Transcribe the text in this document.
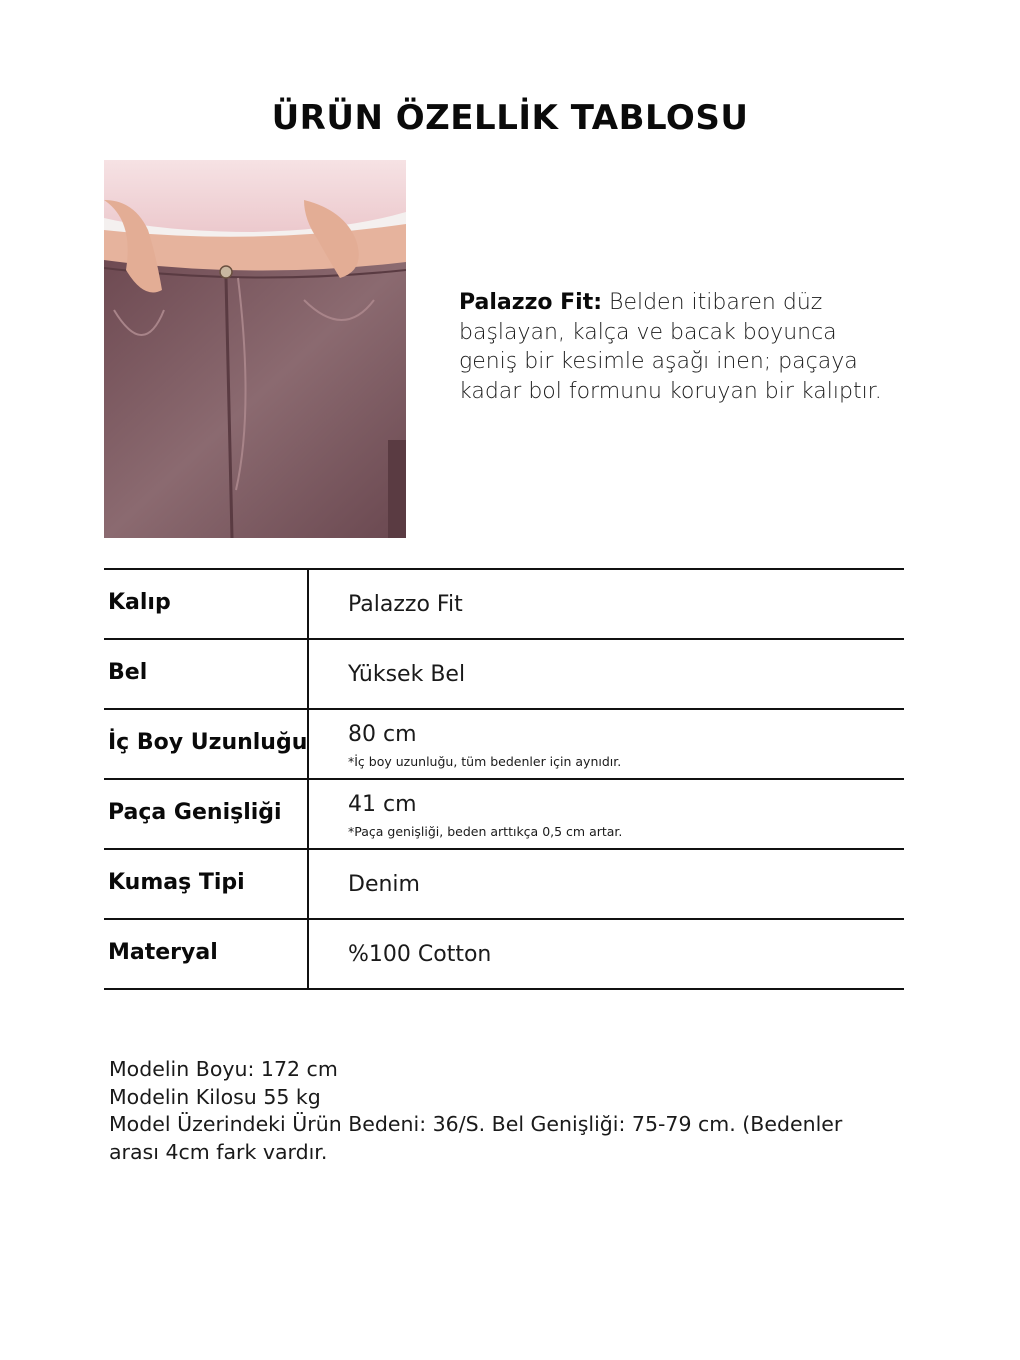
ÜRÜN ÖZELLİK TABLOSU
Palazzo Fit: Belden itibaren düz
başlayan, kalça ve bacak boyunca
geniş bir kesimle aşağı inen; paçaya
kadar bol formunu koruyan bir kalıptır.
Kalıp	Palazzo Fit
Bel	Yüksek Bel
İç Boy Uzunluğu 80 cm
*İç boy uzunluğu, tüm bedenler için aynıdır.
Paça Genişliği	41 cm
*Paça genişliği, beden arttıkça 0,5 cm artar.
Kumaş Tipi	Denim
Materyal	%100 Cotton
Modelin Boyu: 172 cm
Modelin Kilosu 55 kg
Model Üzerindeki Ürün Bedeni: 36/S. Bel Genişliği: 75-79 cm. (Bedenler
arası 4cm fark vardır.
